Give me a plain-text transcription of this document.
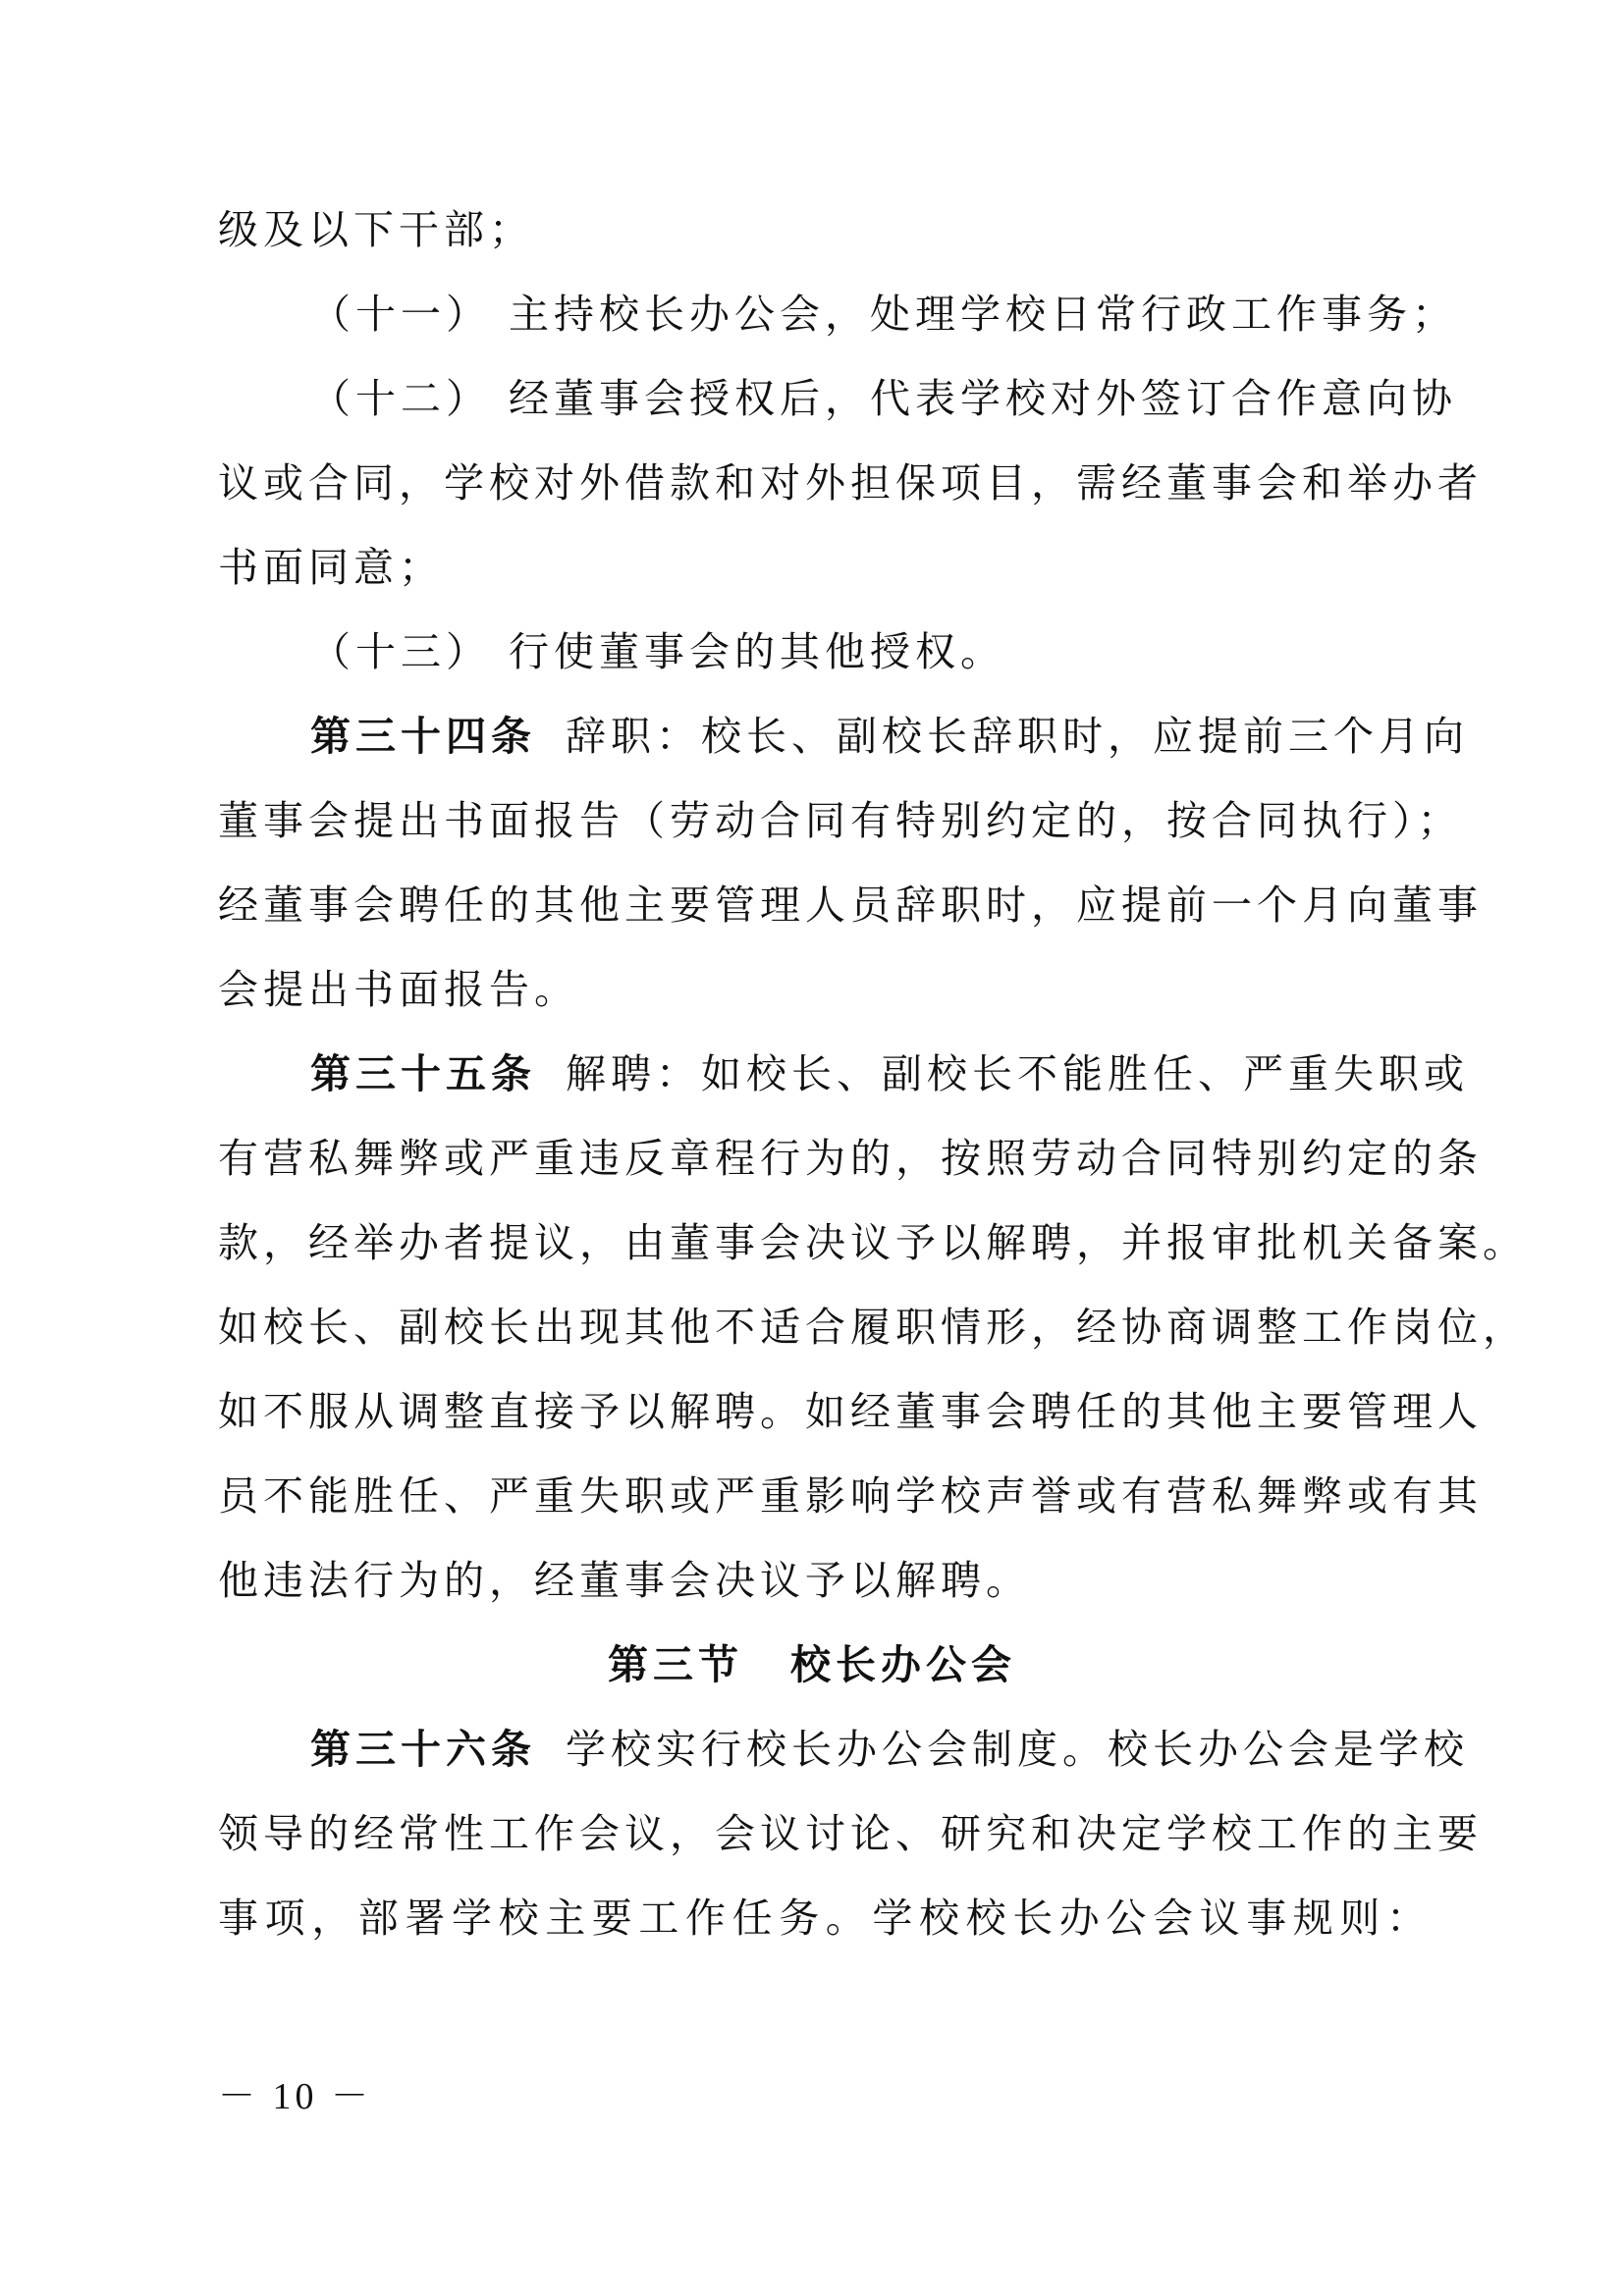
级及以下干部；
（十一） 主持校长办公会，处理学校日常行政工作事务；
（十二） 经董事会授权后，代表学校对外签订合作意向协
议或合同，学校对外借款和对外担保项目，需经董事会和举办者
书面同意；
（十三） 行使董事会的其他授权。
第三十四条 辞职：校长、副校长辞职时，应提前三个月向
董事会提出书面报告（劳动合同有特别约定的，按合同执行）；
经董事会聘任的其他主要管理人员辞职时，应提前一个月向董事
会提出书面报告。
第三十五条 解聘：如校长、副校长不能胜任、严重失职或
有营私舞弊或严重违反章程行为的，按照劳动合同特别约定的条
款，经举办者提议，由董事会决议予以解聘，并报审批机关备案。
如校长、副校长出现其他不适合履职情形，经协商调整工作岗位，
如不服从调整直接予以解聘。如经董事会聘任的其他主要管理人
员不能胜任、严重失职或严重影响学校声誉或有营私舞弊或有其
他违法行为的，经董事会决议予以解聘。
第三节 校长办公会
第三十六条 学校实行校长办公会制度。校长办公会是学校
领导的经常性工作会议，会议讨论、研究和决定学校工作的主要
事项，部署学校主要工作任务。学校校长办公会议事规则：
－ 10 －
